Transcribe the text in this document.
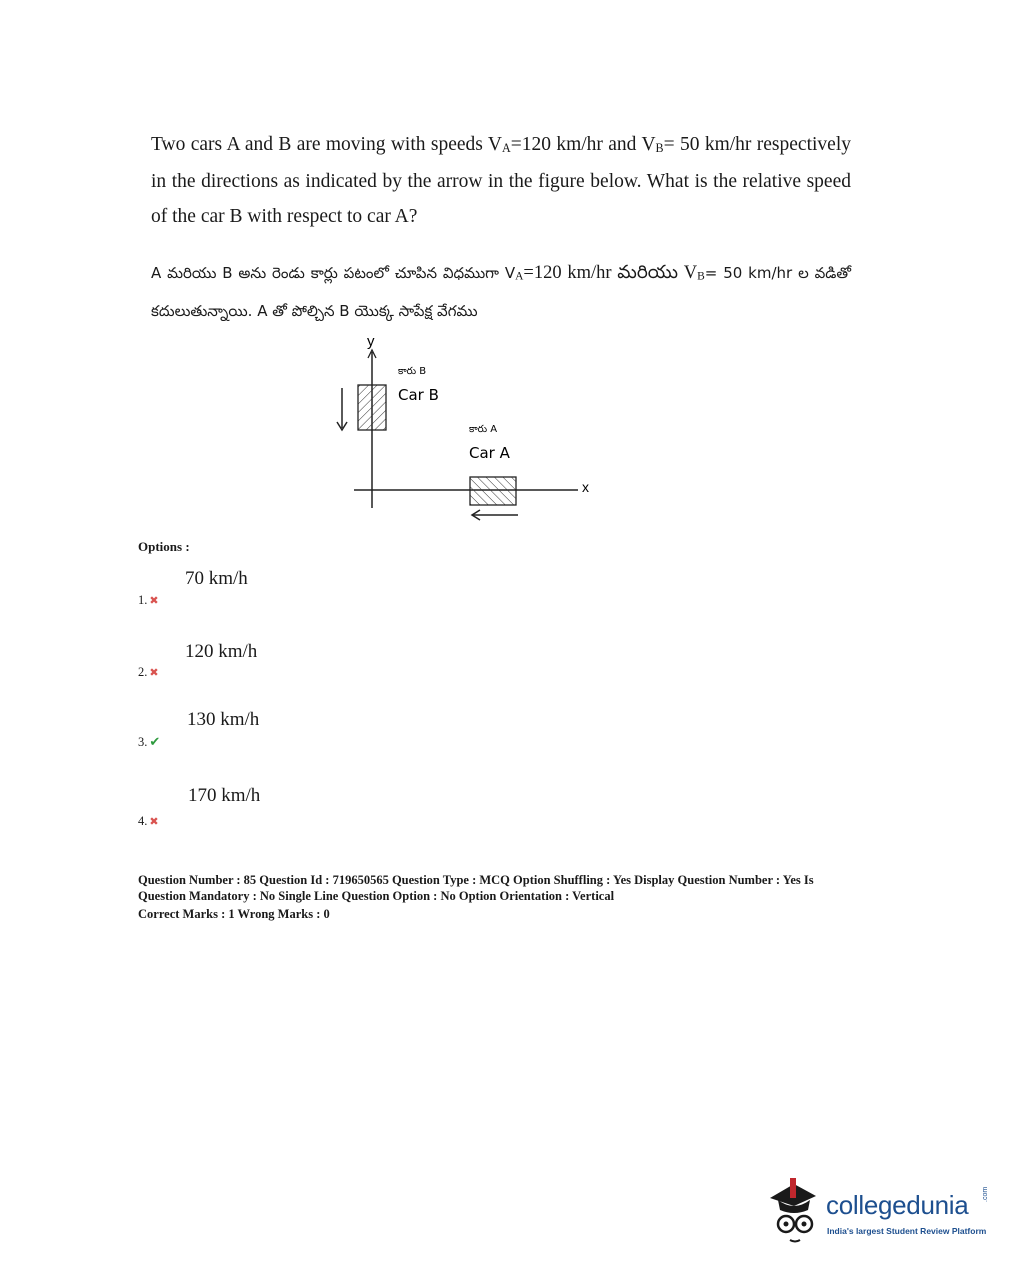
Two cars A and B are moving with speeds $V_A=120$ km/hr and $V_B= 50$ km/hr respectively in the directions as indicated by the arrow in the figure below. What is the relative speed of the car B with respect to car A?
A మరియు B అను రెండు కార్లు పటంలో చూపిన విధముగా $V_A=120$ km/hr మరియు $V_B= 50$ km/hr ల వడితో కదులుతున్నాయి. A తో పోల్చిన B యొక్క సాపేక్ష వేగము
y
x
కారు B
Car B
కారు A
Car A
Options :
70 km/h
1. ✖
120 km/h
2. ✖
130 km/h
3. ✔
170 km/h
4. ✖
Question Number : 85 Question Id : 719650565 Question Type : MCQ Option Shuffling : Yes Display Question Number : Yes Is
Question Mandatory : No Single Line Question Option : No Option Orientation : Vertical
Correct Marks : 1 Wrong Marks : 0
collegedunia .com
India's largest Student Review Platform
